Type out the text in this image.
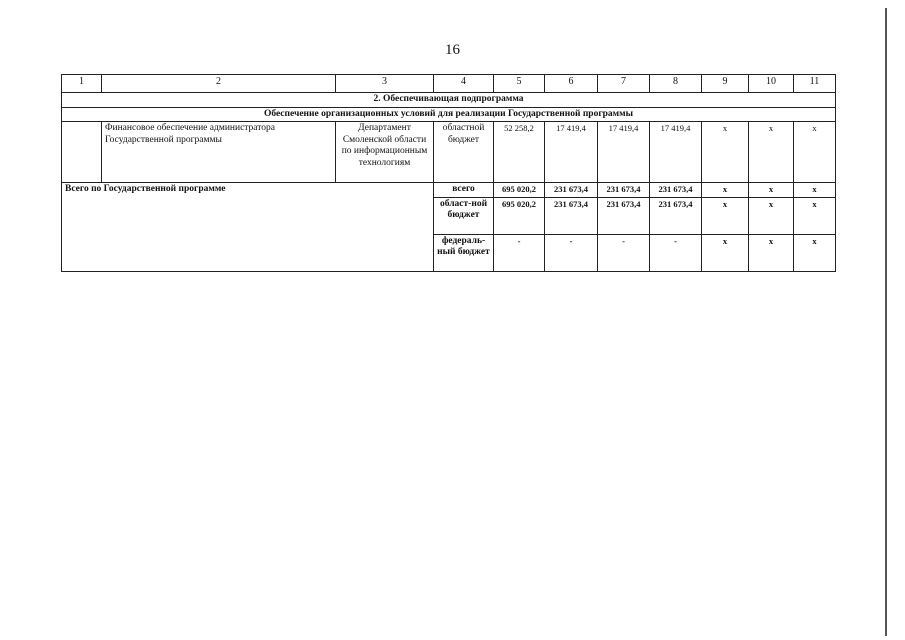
16
1	2	3	4	5	6	7	8	9	10	11
2. Обеспечивающая подпрограмма										
Обеспечение организационных условий для реализации Государственной программы										
	Финансовое обеспечение администратора Государственной программы	Департамент Смоленской области по информационным технологиям	областной бюджет	52 258,2	17 419,4	17 419,4	17 419,4	х	х	х
Всего по Государственной программе			всего	695 020,2	231 673,4	231 673,4	231 673,4	х	х	х
			област-ной бюджет	695 020,2	231 673,4	231 673,4	231 673,4	х	х	х
			федераль-ный бюджет	-	-	-	-	х	х	х
